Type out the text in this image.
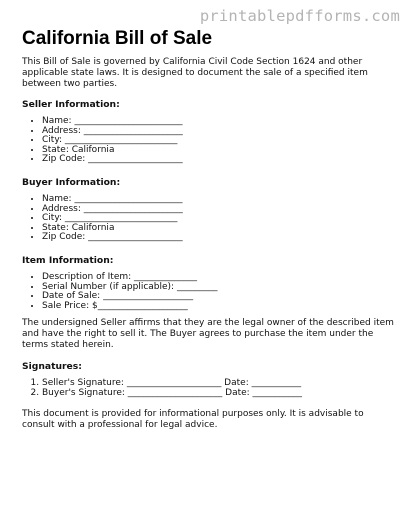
printablepdfforms.com
California Bill of Sale

This Bill of Sale is governed by California Civil Code Section 1624 and other applicable state laws. It is designed to document the sale of a specified item between two parties.

Seller Information:
• Name: ________________________
• Address: ______________________
• City: _________________________
• State: California
• Zip Code: _____________________
Buyer Information:
• Name: ________________________
• Address: ______________________
• City: _________________________
• State: California
• Zip Code: _____________________
Item Information:
• Description of Item: ______________
• Serial Number (if applicable): _________
• Date of Sale: ____________________
• Sale Price: $____________________

The undersigned Seller affirms that they are the legal owner of the described item and have the right to sell it. The Buyer agrees to purchase the item under the terms stated herein.

Signatures:
1. Seller's Signature: _____________________ Date: ___________
2. Buyer's Signature: _____________________ Date: ___________

This document is provided for informational purposes only. It is advisable to consult with a professional for legal advice.
